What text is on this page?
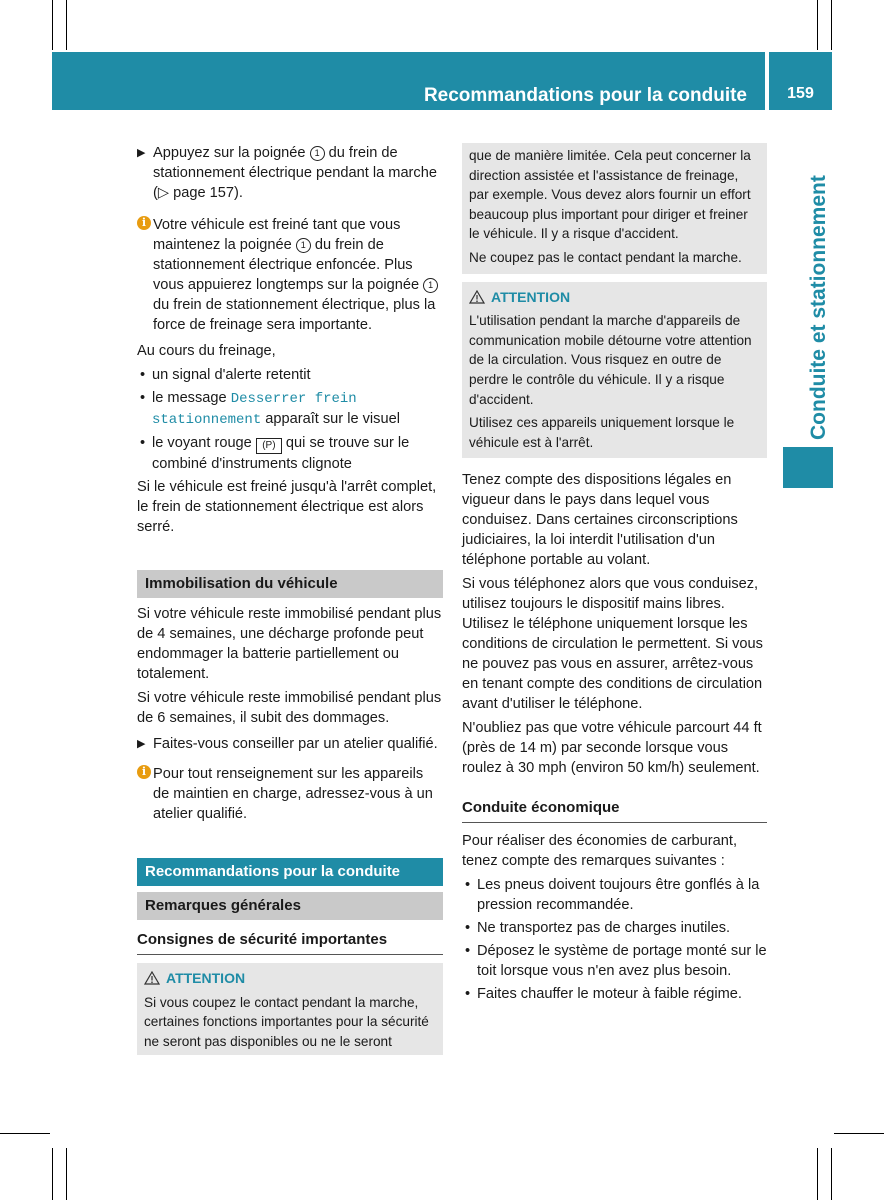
Recommandations pour la conduite	159
Conduite et stationnement
▶ Appuyez sur la poignée 1 du frein de stationnement électrique pendant la marche (▷ page 157).
i Votre véhicule est freiné tant que vous maintenez la poignée 1 du frein de stationnement électrique enfoncée. Plus vous appuierez longtemps sur la poignée 1 du frein de stationnement électrique, plus la force de freinage sera importante.

Au cours du freinage,

• un signal d'alerte retentit
• le message Desserrer frein stationnement apparaît sur le visuel
• le voyant rouge (P) qui se trouve sur le combiné d'instruments clignote

Si le véhicule est freiné jusqu'à l'arrêt complet, le frein de stationnement électrique est alors serré.

Immobilisation du véhicule

Si votre véhicule reste immobilisé pendant plus de 4 semaines, une décharge profonde peut endommager la batterie partiellement ou totalement.

Si votre véhicule reste immobilisé pendant plus de 6 semaines, il subit des dommages.

▶ Faites-vous conseiller par un atelier qualifié.
i Pour tout renseignement sur les appareils de maintien en charge, adressez-vous à un atelier qualifié.
Recommandations pour la conduite
Remarques générales
Consignes de sécurité importantes
ATTENTION
Si vous coupez le contact pendant la marche, certaines fonctions importantes pour la sécurité ne seront pas disponibles ou ne le seront

que de manière limitée. Cela peut concerner la direction assistée et l'assistance de freinage, par exemple. Vous devez alors fournir un effort beaucoup plus important pour diriger et freiner le véhicule. Il y a risque d'accident.

Ne coupez pas le contact pendant la marche.

ATTENTION

L'utilisation pendant la marche d'appareils de communication mobile détourne votre attention de la circulation. Vous risquez en outre de perdre le contrôle du véhicule. Il y a risque d'accident.

Utilisez ces appareils uniquement lorsque le véhicule est à l'arrêt.

Tenez compte des dispositions légales en vigueur dans le pays dans lequel vous conduisez. Dans certaines circonscriptions judiciaires, la loi interdit l'utilisation d'un téléphone portable au volant.

Si vous téléphonez alors que vous conduisez, utilisez toujours le dispositif mains libres. Utilisez le téléphone uniquement lorsque les conditions de circulation le permettent. Si vous ne pouvez pas vous en assurer, arrêtez-vous en tenant compte des conditions de circulation avant d'utiliser le téléphone.

N'oubliez pas que votre véhicule parcourt 44 ft (près de 14 m) par seconde lorsque vous roulez à 30 mph (environ 50 km/h) seulement.

Conduite économique

Pour réaliser des économies de carburant, tenez compte des remarques suivantes :

• Les pneus doivent toujours être gonflés à la pression recommandée.
• Ne transportez pas de charges inutiles.
• Déposez le système de portage monté sur le toit lorsque vous n'en avez plus besoin.
• Faites chauffer le moteur à faible régime.
